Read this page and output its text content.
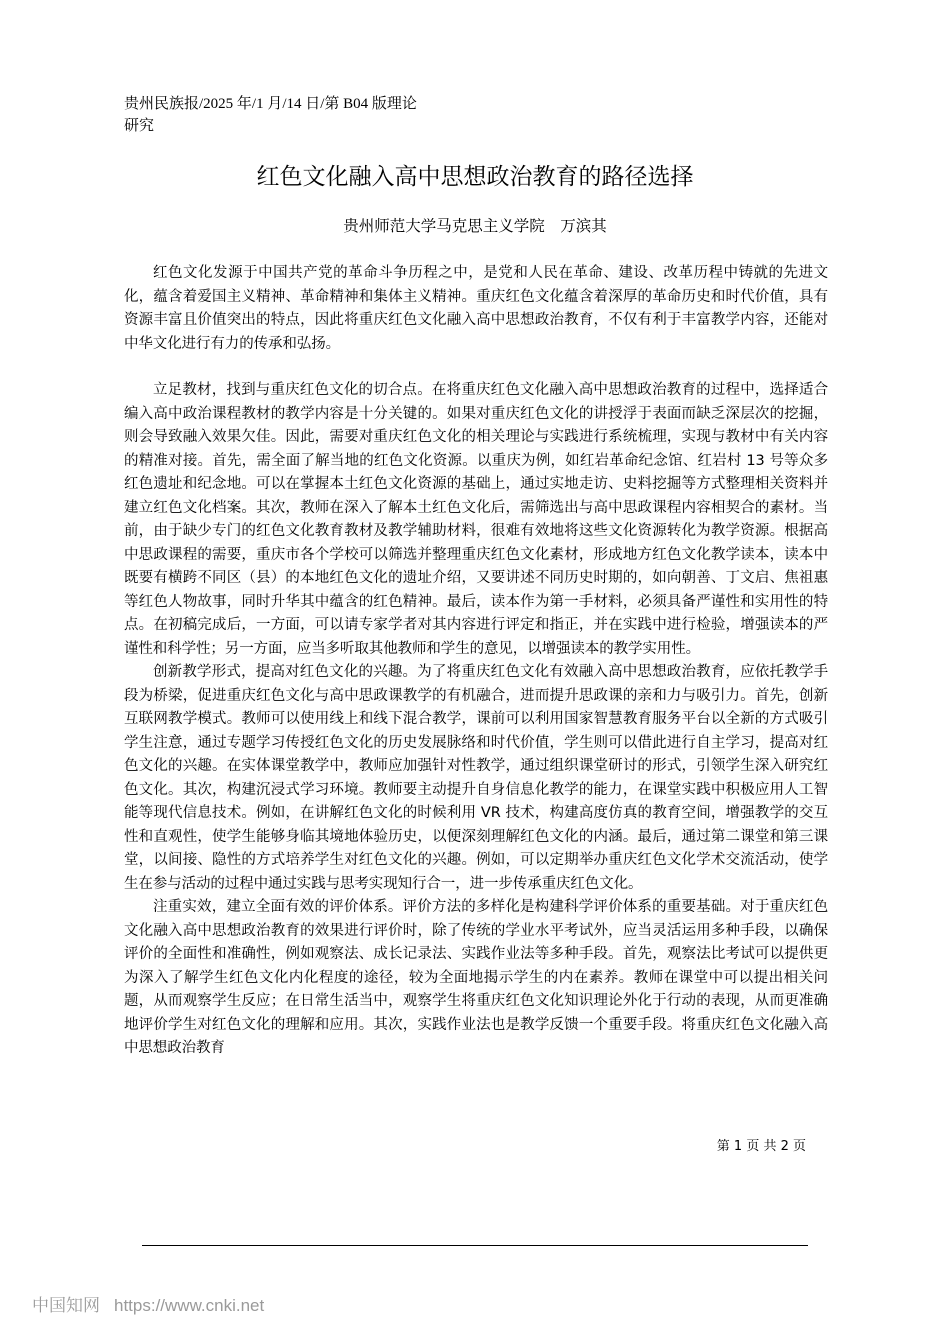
贵州民族报/2025 年/1 月/14 日/第 B04 版理论研究
红色文化融入高中思想政治教育的路径选择
贵州师范大学马克思主义学院　万滨其

红色文化发源于中国共产党的革命斗争历程之中，是党和人民在革命、建设、改革历程中铸就的先进文化，蕴含着爱国主义精神、革命精神和集体主义精神。重庆红色文化蕴含着深厚的革命历史和时代价值，具有资源丰富且价值突出的特点，因此将重庆红色文化融入高中思想政治教育，不仅有利于丰富教学内容，还能对中华文化进行有力的传承和弘扬。

立足教材，找到与重庆红色文化的切合点。在将重庆红色文化融入高中思想政治教育的过程中，选择适合编入高中政治课程教材的教学内容是十分关键的。如果对重庆红色文化的讲授浮于表面而缺乏深层次的挖掘，则会导致融入效果欠佳。因此，需要对重庆红色文化的相关理论与实践进行系统梳理，实现与教材中有关内容的精准对接。首先，需全面了解当地的红色文化资源。以重庆为例，如红岩革命纪念馆、红岩村 13 号等众多红色遗址和纪念地。可以在掌握本土红色文化资源的基础上，通过实地走访、史料挖掘等方式整理相关资料并建立红色文化档案。其次，教师在深入了解本土红色文化后，需筛选出与高中思政课程内容相契合的素材。当前，由于缺少专门的红色文化教育教材及教学辅助材料，很难有效地将这些文化资源转化为教学资源。根据高中思政课程的需要，重庆市各个学校可以筛选并整理重庆红色文化素材，形成地方红色文化教学读本，读本中既要有横跨不同区（县）的本地红色文化的遗址介绍，又要讲述不同历史时期的，如向朝善、丁文启、焦祖惠等红色人物故事，同时升华其中蕴含的红色精神。最后，读本作为第一手材料，必须具备严谨性和实用性的特点。在初稿完成后，一方面，可以请专家学者对其内容进行评定和指正，并在实践中进行检验，增强读本的严谨性和科学性；另一方面，应当多听取其他教师和学生的意见，以增强读本的教学实用性。

创新教学形式，提高对红色文化的兴趣。为了将重庆红色文化有效融入高中思想政治教育，应依托教学手段为桥梁，促进重庆红色文化与高中思政课教学的有机融合，进而提升思政课的亲和力与吸引力。首先，创新互联网教学模式。教师可以使用线上和线下混合教学，课前可以利用国家智慧教育服务平台以全新的方式吸引学生注意，通过专题学习传授红色文化的历史发展脉络和时代价值，学生则可以借此进行自主学习，提高对红色文化的兴趣。在实体课堂教学中，教师应加强针对性教学，通过组织课堂研讨的形式，引领学生深入研究红色文化。其次，构建沉浸式学习环境。教师要主动提升自身信息化教学的能力，在课堂实践中积极应用人工智能等现代信息技术。例如，在讲解红色文化的时候利用 VR 技术，构建高度仿真的教育空间，增强教学的交互性和直观性，使学生能够身临其境地体验历史，以便深刻理解红色文化的内涵。最后，通过第二课堂和第三课堂，以间接、隐性的方式培养学生对红色文化的兴趣。例如，可以定期举办重庆红色文化学术交流活动，使学生在参与活动的过程中通过实践与思考实现知行合一，进一步传承重庆红色文化。

注重实效，建立全面有效的评价体系。评价方法的多样化是构建科学评价体系的重要基础。对于重庆红色文化融入高中思想政治教育的效果进行评价时，除了传统的学业水平考试外，应当灵活运用多种手段，以确保评价的全面性和准确性，例如观察法、成长记录法、实践作业法等多种手段。首先，观察法比考试可以提供更为深入了解学生红色文化内化程度的途径，较为全面地揭示学生的内在素养。教师在课堂中可以提出相关问题，从而观察学生反应；在日常生活当中，观察学生将重庆红色文化知识理论外化于行动的表现，从而更准确地评价学生对红色文化的理解和应用。其次，实践作业法也是教学反馈一个重要手段。将重庆红色文化融入高中思想政治教育

第 1 页 共 2 页
中国知网 https://www.cnki.net
